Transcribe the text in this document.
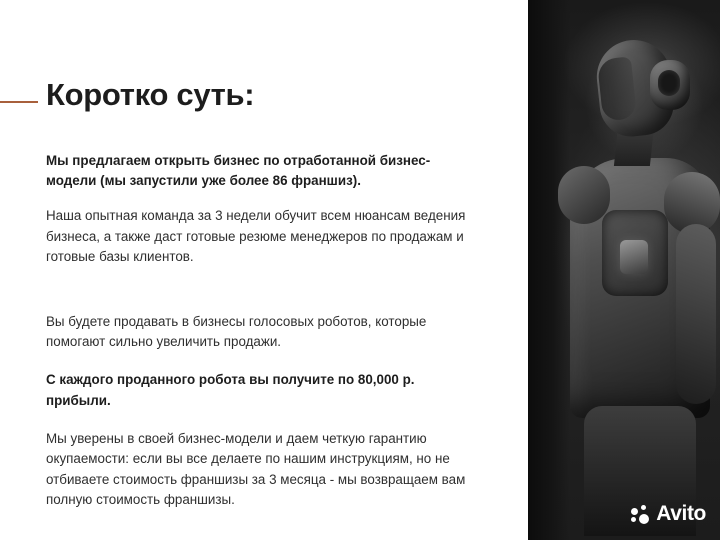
Коротко суть:

Мы предлагаем открыть бизнес по отработанной бизнес-модели (мы запустили уже более 86 франшиз).

Наша опытная команда за 3 недели обучит всем нюансам ведения бизнеса, а также даст готовые резюме менеджеров по продажам и готовые базы клиентов.

Вы будете продавать в бизнесы голосовых роботов, которые помогают сильно увеличить продажи.

С каждого проданного робота вы получите по 80,000 р. прибыли.

Мы уверены в своей бизнес-модели и даем четкую гарантию окупаемости: если вы все делаете по нашим инструкциям, но не отбиваете стоимость франшизы за 3 месяца - мы возвращаем вам полную стоимость франшизы.

Avito
